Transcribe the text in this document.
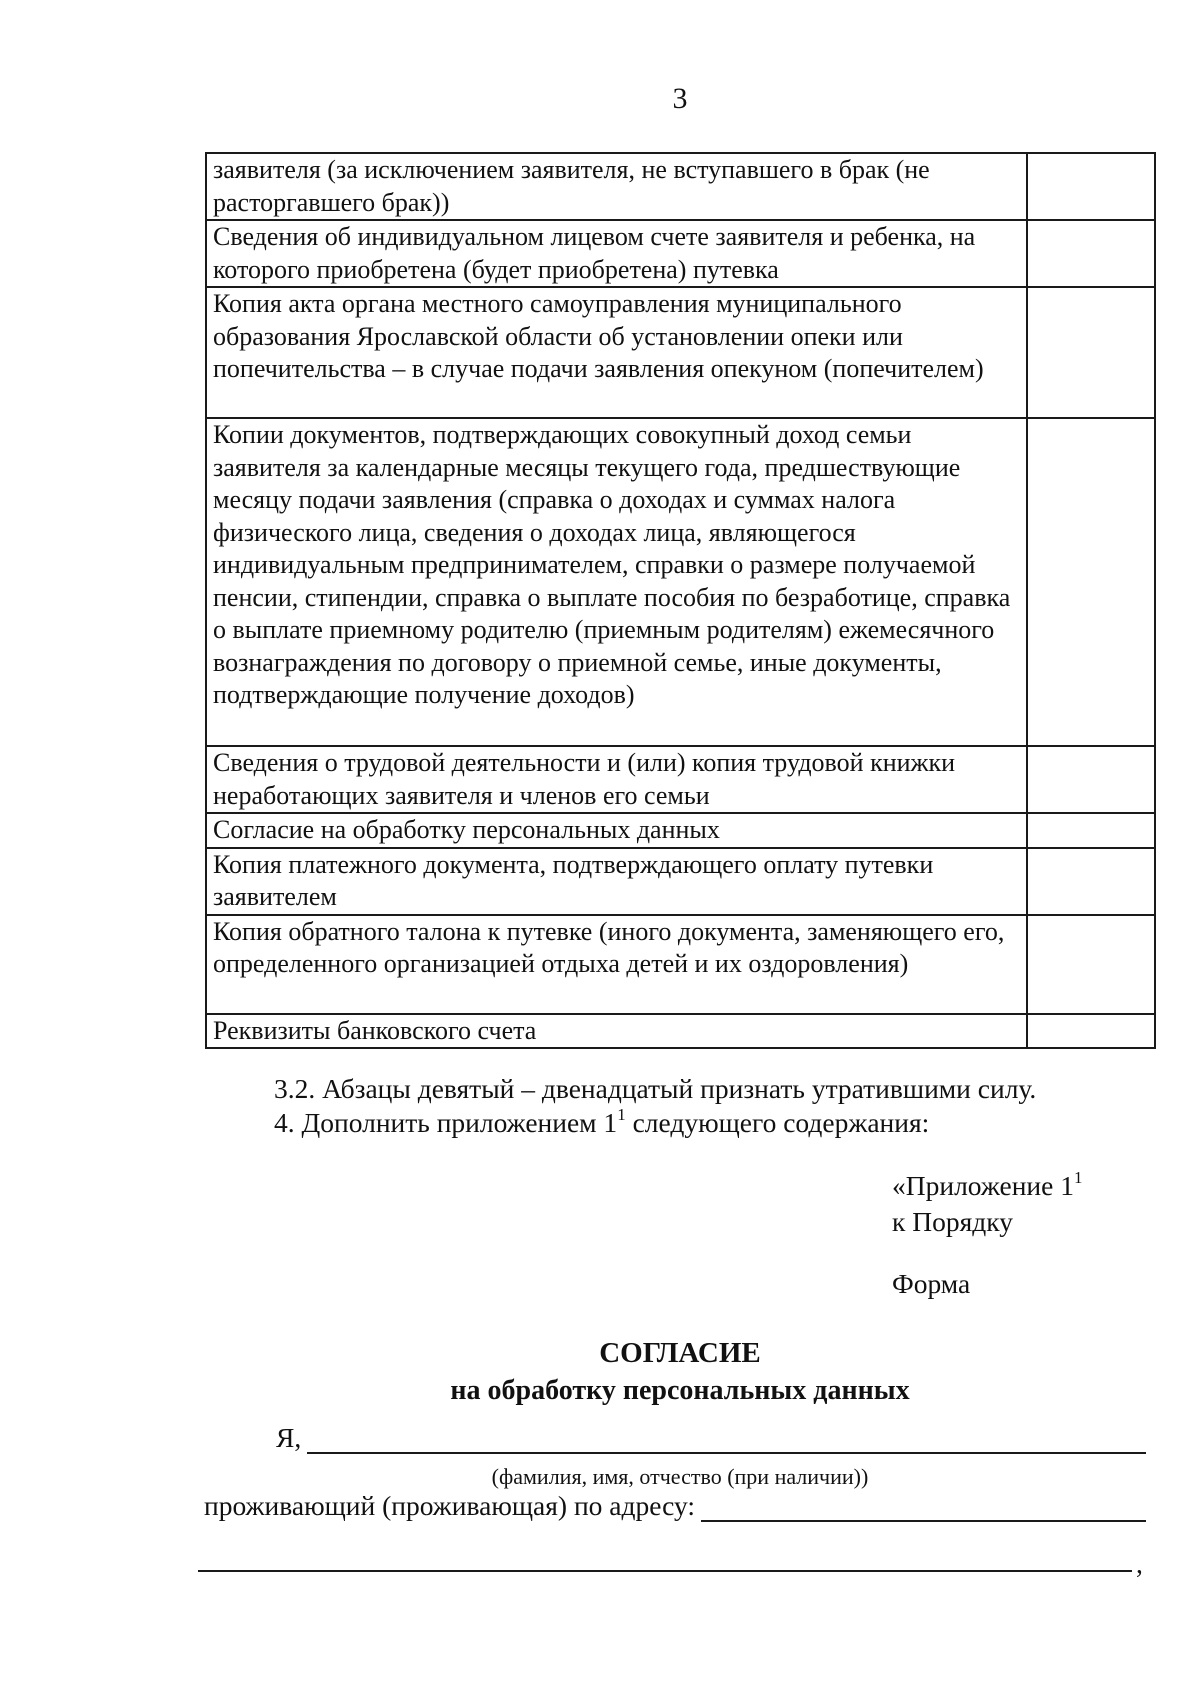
3
заявителя (за исключением заявителя, не вступавшего в брак (не расторгавшего брак))	
Сведения об индивидуальном лицевом счете заявителя и ребенка, на которого приобретена (будет приобретена) путевка	
Копия акта органа местного самоуправления муниципального образования Ярославской области об установлении опеки или попечительства – в случае подачи заявления опекуном (попечителем)	
Копии документов, подтверждающих совокупный доход семьи заявителя за календарные месяцы текущего года, предшествующие месяцу подачи заявления (справка о доходах и суммах налога физического лица, сведения о доходах лица, являющегося индивидуальным предпринимателем, справки о размере получаемой пенсии, стипендии, справка о выплате пособия по безработице, справка о выплате приемному родителю (приемным родителям) ежемесячного вознаграждения по договору о приемной семье, иные документы, подтверждающие получение доходов)	
Сведения о трудовой деятельности и (или) копия трудовой книжки неработающих заявителя и членов его семьи	
Согласие на обработку персональных данных	
Копия платежного документа, подтверждающего оплату путевки заявителем	
Копия обратного талона к путевке (иного документа, заменяющего его, определенного организацией отдыха детей и их оздоровления)	
Реквизиты банковского счета	
3.2. Абзацы девятый – двенадцатый признать утратившими силу.
4. Дополнить приложением $1^1$ следующего содержания:
«Приложение $1^1$
к Порядку
Форма
СОГЛАСИЕ
на обработку персональных данных
Я,
(фамилия, имя, отчество (при наличии))
проживающий (проживающая) по адресу:
,
